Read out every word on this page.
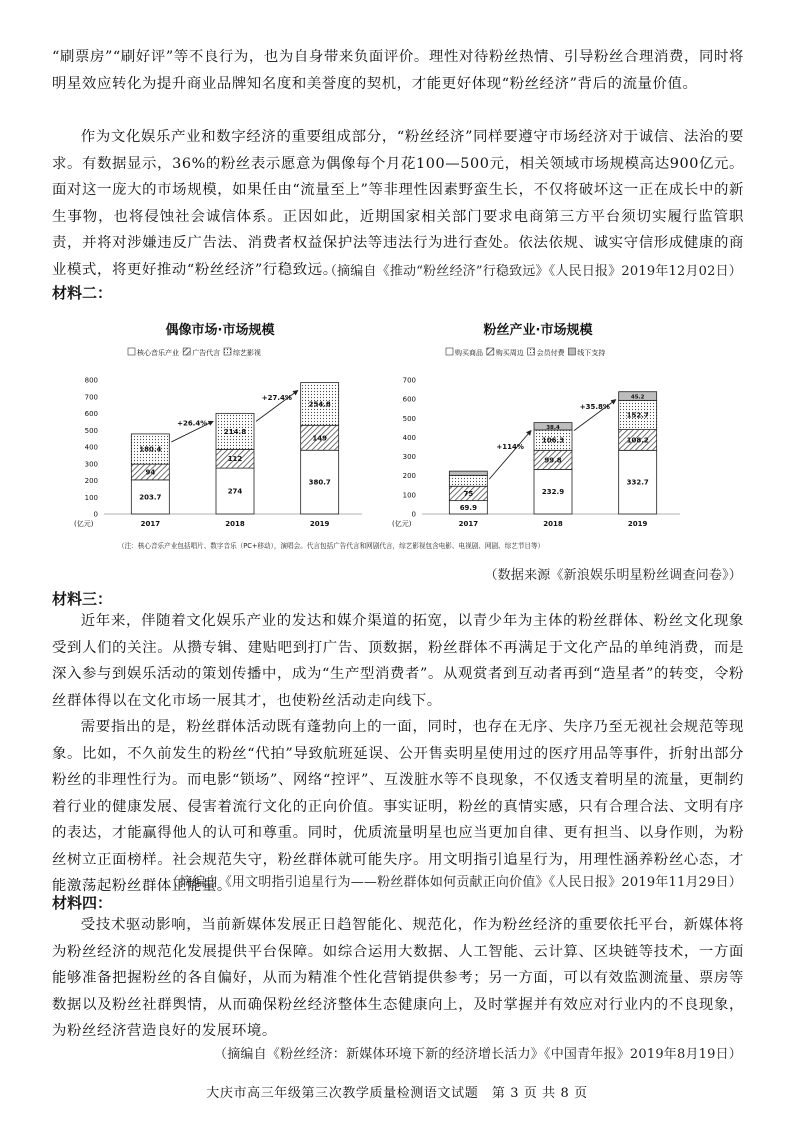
“刷票房”“刷好评”等不良行为，也为自身带来负面评价。理性对待粉丝热情、引导粉丝合理消费，同时将明星效应转化为提升商业品牌知名度和美誉度的契机，才能更好体现“粉丝经济”背后的流量价值。

作为文化娱乐产业和数字经济的重要组成部分，“粉丝经济”同样要遵守市场经济对于诚信、法治的要求。有数据显示，36%的粉丝表示愿意为偶像每个月花100—500元，相关领域市场规模高达900亿元。面对这一庞大的市场规模，如果任由“流量至上”等非理性因素野蛮生长，不仅将破坏这一正在成长中的新生事物，也将侵蚀社会诚信体系。正因如此，近期国家相关部门要求电商第三方平台须切实履行监管职责，并将对涉嫌违反广告法、消费者权益保护法等违法行为进行查处。依法依规、诚实守信形成健康的商业模式，将更好推动“粉丝经济”行稳致远。

（摘编自《推动“粉丝经济”行稳致远》《人民日报》2019年12月02日）
材料二：
偶像市场·市场规模
核心音乐产业 广告代言 综艺影视
0
100
200
300
400
500
600
700
800
(亿元)
203.7
94
180.4
2017
274
112
214.8
2018
380.7
149
254.8
2019
+26.4%
+27.4%
粉丝产业·市场规模
购买商品 购买周边 会员付费 线下支持
0
100
200
300
400
500
600
700
(亿元)
69.9
75
2017
232.9
99.8
106.3
38.4
2018
332.7
108.2
152.7
45.2
2019
+114%
+35.8%
（注：核心音乐产业包括唱片、数字音乐（PC+移动），演唱会。代言包括广告代言和网剧代言，综艺影视包含电影、电视剧、网剧、综艺节目等）
（数据来源《新浪娱乐明星粉丝调查问卷》）
材料三：

近年来，伴随着文化娱乐产业的发达和媒介渠道的拓宽，以青少年为主体的粉丝群体、粉丝文化现象受到人们的关注。从攒专辑、建贴吧到打广告、顶数据，粉丝群体不再满足于文化产品的单纯消费，而是深入参与到娱乐活动的策划传播中，成为“生产型消费者”。从观赏者到互动者再到“造星者”的转变，令粉丝群体得以在文化市场一展其才，也使粉丝活动走向线下。

需要指出的是，粉丝群体活动既有蓬勃向上的一面，同时，也存在无序、失序乃至无视社会规范等现象。比如，不久前发生的粉丝“代拍”导致航班延误、公开售卖明星使用过的医疗用品等事件，折射出部分粉丝的非理性行为。而电影“锁场”、网络“控评”、互泼脏水等不良现象，不仅透支着明星的流量，更制约着行业的健康发展、侵害着流行文化的正向价值。事实证明，粉丝的真情实感，只有合理合法、文明有序的表达，才能赢得他人的认可和尊重。同时，优质流量明星也应当更加自律、更有担当、以身作则，为粉丝树立正面榜样。社会规范失守，粉丝群体就可能失序。用文明指引追星行为，用理性涵养粉丝心态，才能激荡起粉丝群体正能量。

（摘编自《用文明指引追星行为——粉丝群体如何贡献正向价值》《人民日报》2019年11月29日）
材料四：

受技术驱动影响，当前新媒体发展正日趋智能化、规范化，作为粉丝经济的重要依托平台，新媒体将为粉丝经济的规范化发展提供平台保障。如综合运用大数据、人工智能、云计算、区块链等技术，一方面能够准备把握粉丝的各自偏好，从而为精准个性化营销提供参考；另一方面，可以有效监测流量、票房等数据以及粉丝社群舆情，从而确保粉丝经济整体生态健康向上，及时掌握并有效应对行业内的不良现象，为粉丝经济营造良好的发展环境。

（摘编自《粉丝经济：新媒体环境下新的经济增长活力》《中国青年报》2019年8月19日）
大庆市高三年级第三次教学质量检测语文试题　第 3 页 共 8 页
